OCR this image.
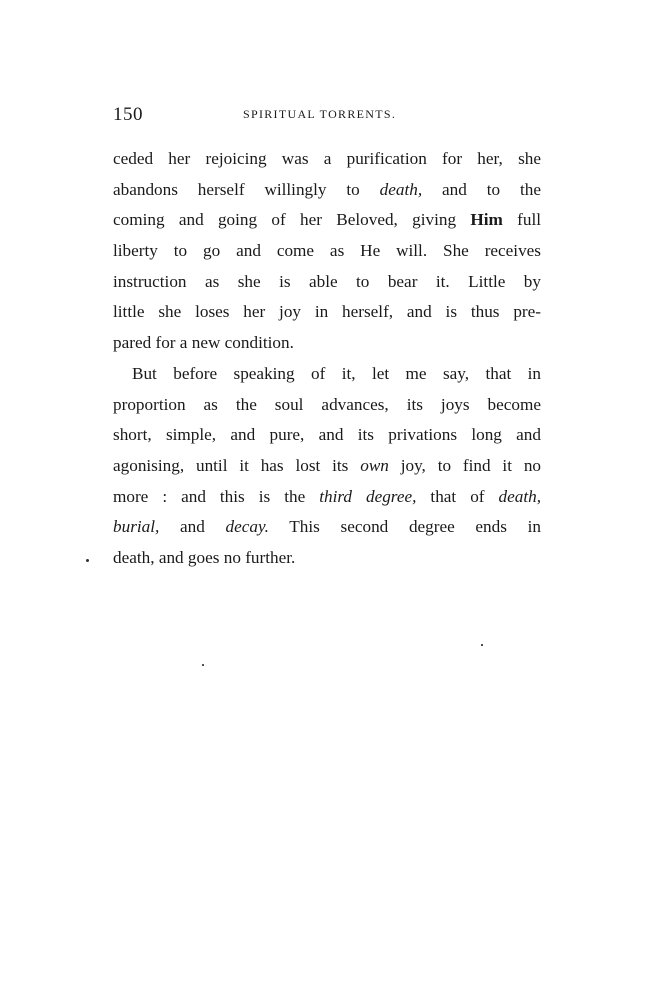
150	SPIRITUAL TORRENTS.
ceded her rejoicing was a purification for her, she
abandons herself willingly to death, and to the
coming and going of her Beloved, giving Him full
liberty to go and come as He will. She receives
instruction as she is able to bear it. Little by
little she loses her joy in herself, and is thus pre-
pared for a new condition.
But before speaking of it, let me say, that in
proportion as the soul advances, its joys become
short, simple, and pure, and its privations long and
agonising, until it has lost its own joy, to find it no
more : and this is the third degree, that of death,
burial, and decay. This second degree ends in
death, and goes no further.
